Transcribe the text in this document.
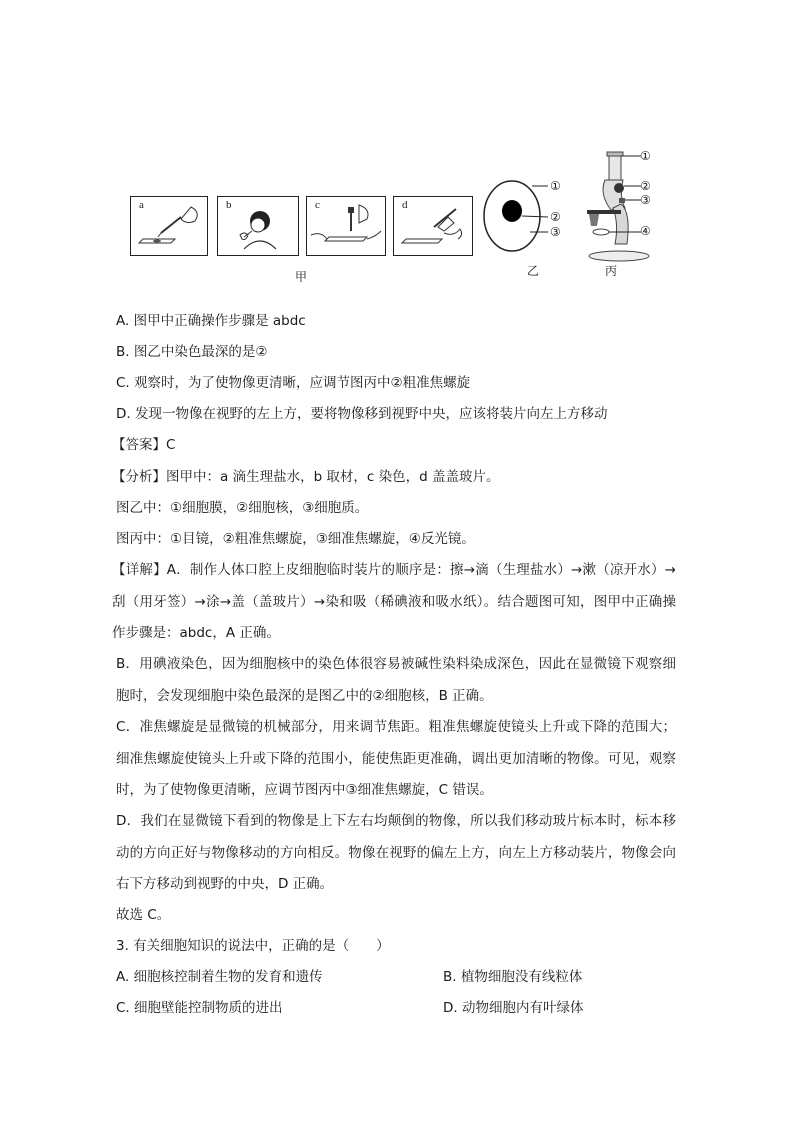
a	b	c	d
甲
①
②
③
乙
①
②
③
④
丙
A. 图甲中正确操作步骤是 abdc
B. 图乙中染色最深的是②
C. 观察时，为了使物像更清晰，应调节图丙中②粗准焦螺旋
D. 发现一物像在视野的左上方，要将物像移到视野中央，应该将装片向左上方移动
【答案】C
【分析】图甲中：a 滴生理盐水，b 取材，c 染色，d 盖盖玻片。
图乙中：①细胞膜，②细胞核，③细胞质。
图丙中：①目镜，②粗准焦螺旋，③细准焦螺旋，④反光镜。
【详解】A．制作人体口腔上皮细胞临时装片的顺序是：擦→滴（生理盐水）→漱（凉开水）→刮（用牙签）→涂→盖（盖玻片）→染和吸（稀碘液和吸水纸）。结合题图可知，图甲中正确操作步骤是：abdc，A 正确。
B．用碘液染色，因为细胞核中的染色体很容易被碱性染料染成深色，因此在显微镜下观察细胞时，会发现细胞中染色最深的是图乙中的②细胞核，B 正确。
C．准焦螺旋是显微镜的机械部分，用来调节焦距。粗准焦螺旋使镜头上升或下降的范围大；细准焦螺旋使镜头上升或下降的范围小，能使焦距更准确，调出更加清晰的物像。可见，观察时，为了使物像更清晰，应调节图丙中③细准焦螺旋，C 错误。
D．我们在显微镜下看到的物像是上下左右均颠倒的物像，所以我们移动玻片标本时，标本移动的方向正好与物像移动的方向相反。物像在视野的偏左上方，向左上方移动装片，物像会向右下方移动到视野的中央，D 正确。
故选 C。
3. 有关细胞知识的说法中，正确的是（　　）
A. 细胞核控制着生物的发育和遗传	B. 植物细胞没有线粒体
C. 细胞壁能控制物质的进出	D. 动物细胞内有叶绿体
